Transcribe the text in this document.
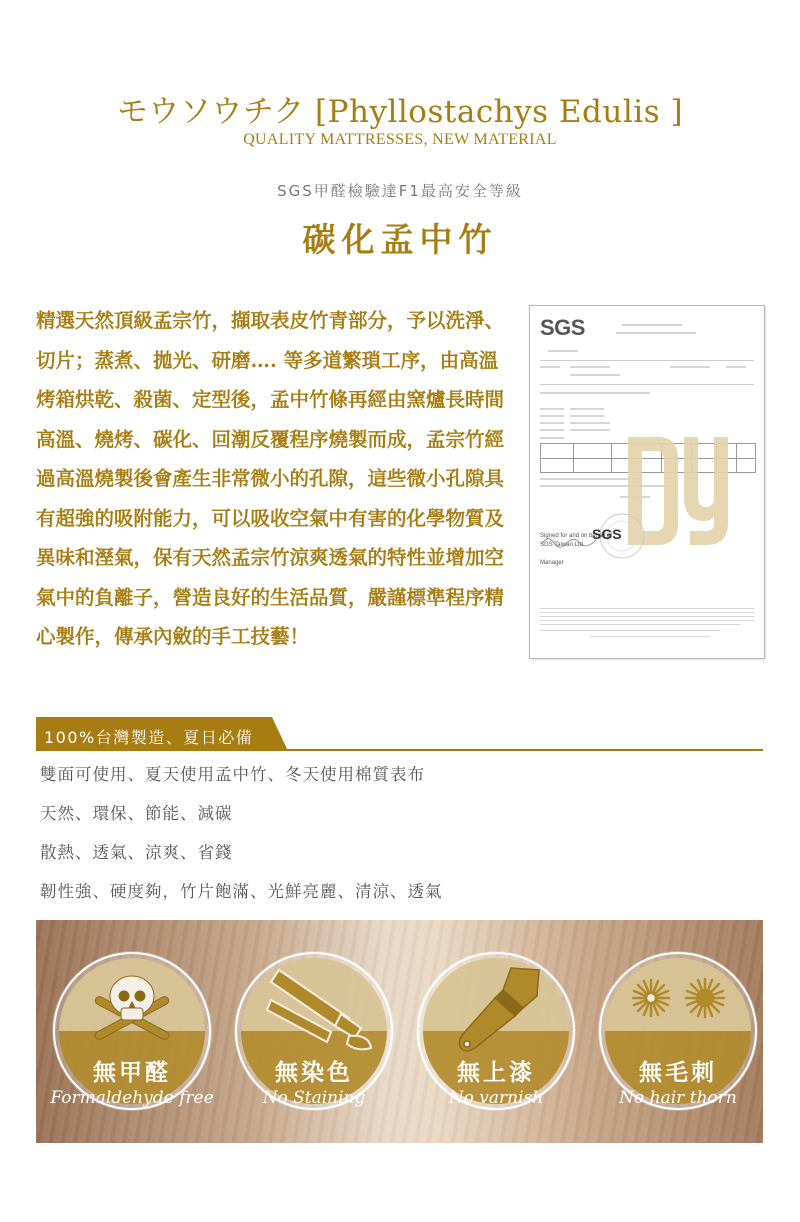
モウソウチク [Phyllostachys Edulis ]
QUALITY MATTRESSES, NEW MATERIAL
SGS甲醛檢驗達F1最高安全等級
碳化孟中竹
精選天然頂級孟宗竹，擷取表皮竹青部分，予以洗淨、切片；蒸煮、拋光、研磨…. 等多道繁瑣工序，由高溫烤箱烘乾、殺菌、定型後，孟中竹條再經由窯爐長時間高溫、燒烤、碳化、回潮反覆程序燒製而成，孟宗竹經過高溫燒製後會產生非常微小的孔隙，這些微小孔隙具有超強的吸附能力，可以吸收空氣中有害的化學物質及異味和溼氣，保有天然孟宗竹涼爽透氣的特性並增加空氣中的負離子，營造良好的生活品質，嚴謹標準程序精心製作，傳承內斂的手工技藝！
SGS
Signed for and on behalf of
SGS Taiwan Ltd.
Manager
SGS
100%台灣製造、夏日必備
雙面可使用、夏天使用孟中竹、冬天使用棉質表布
天然、環保、節能、減碳
散熱、透氣、涼爽、省錢
韌性強、硬度夠，竹片飽滿、光鮮亮麗、清涼、透氣
無甲醛
Formaldehyde free
無染色
No Staining
無上漆
No varnish
無毛刺
No hair thorn
